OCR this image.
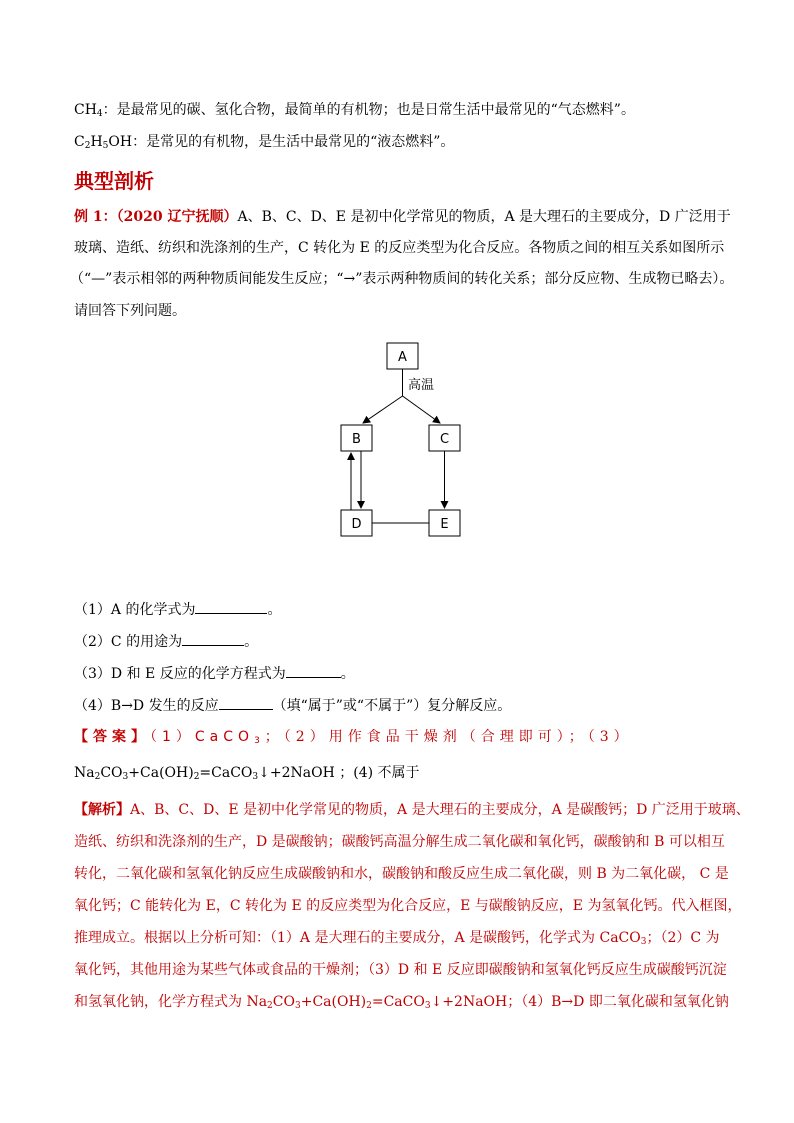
$CH_4$：是最常见的碳、氢化合物，最简单的有机物；也是日常生活中最常见的“气态燃料”。
$C_2H_5OH$：是常见的有机物，是生活中最常见的“液态燃料”。
典型剖析
例 1：（2020 辽宁抚顺）A、B、C、D、E 是初中化学常见的物质，A 是大理石的主要成分，D 广泛用于
玻璃、造纸、纺织和洗涤剂的生产，C 转化为 E 的反应类型为化合反应。各物质之间的相互关系如图所示
（“—”表示相邻的两种物质间能发生反应；“→”表示两种物质间的转化关系；部分反应物、生成物已略去）。
请回答下列问题。
A
B	C
D	E
高温
（1）A 的化学式为	。
（2）C 的用途为	。
（3）D 和 E 反应的化学方程式为	。
（4）B→D 发生的反应	（填“属于”或“不属于”）复分解反应。
【答案】（1）CaCO$_3$；（2）用作食品干燥剂（合理即可）；（3）
$Na_2CO_3+Ca(OH)_2=CaCO_3↓+2NaOH$ ；(4) 不属于
【解析】A、B、C、D、E 是初中化学常见的物质，A 是大理石的主要成分，A 是碳酸钙；D 广泛用于玻璃、
造纸、纺织和洗涤剂的生产，D 是碳酸钠；碳酸钙高温分解生成二氧化碳和氧化钙，碳酸钠和 B 可以相互
转化，二氧化碳和氢氧化钠反应生成碳酸钠和水，碳酸钠和酸反应生成二氧化碳，则 B 为二氧化碳， C 是
氧化钙；C 能转化为 E，C 转化为 E 的反应类型为化合反应，E 与碳酸钠反应，E 为氢氧化钙。代入框图，
推理成立。根据以上分析可知：（1）A 是大理石的主要成分，A 是碳酸钙，化学式为 CaCO$_3$；（2）C 为
氧化钙，其他用途为某些气体或食品的干燥剂；（3）D 和 E 反应即碳酸钠和氢氧化钙反应生成碳酸钙沉淀
和氢氧化钠，化学方程式为 $Na_2CO_3+Ca(OH)_2=CaCO_3↓+2NaOH$；（4）B→D 即二氧化碳和氢氧化钠
